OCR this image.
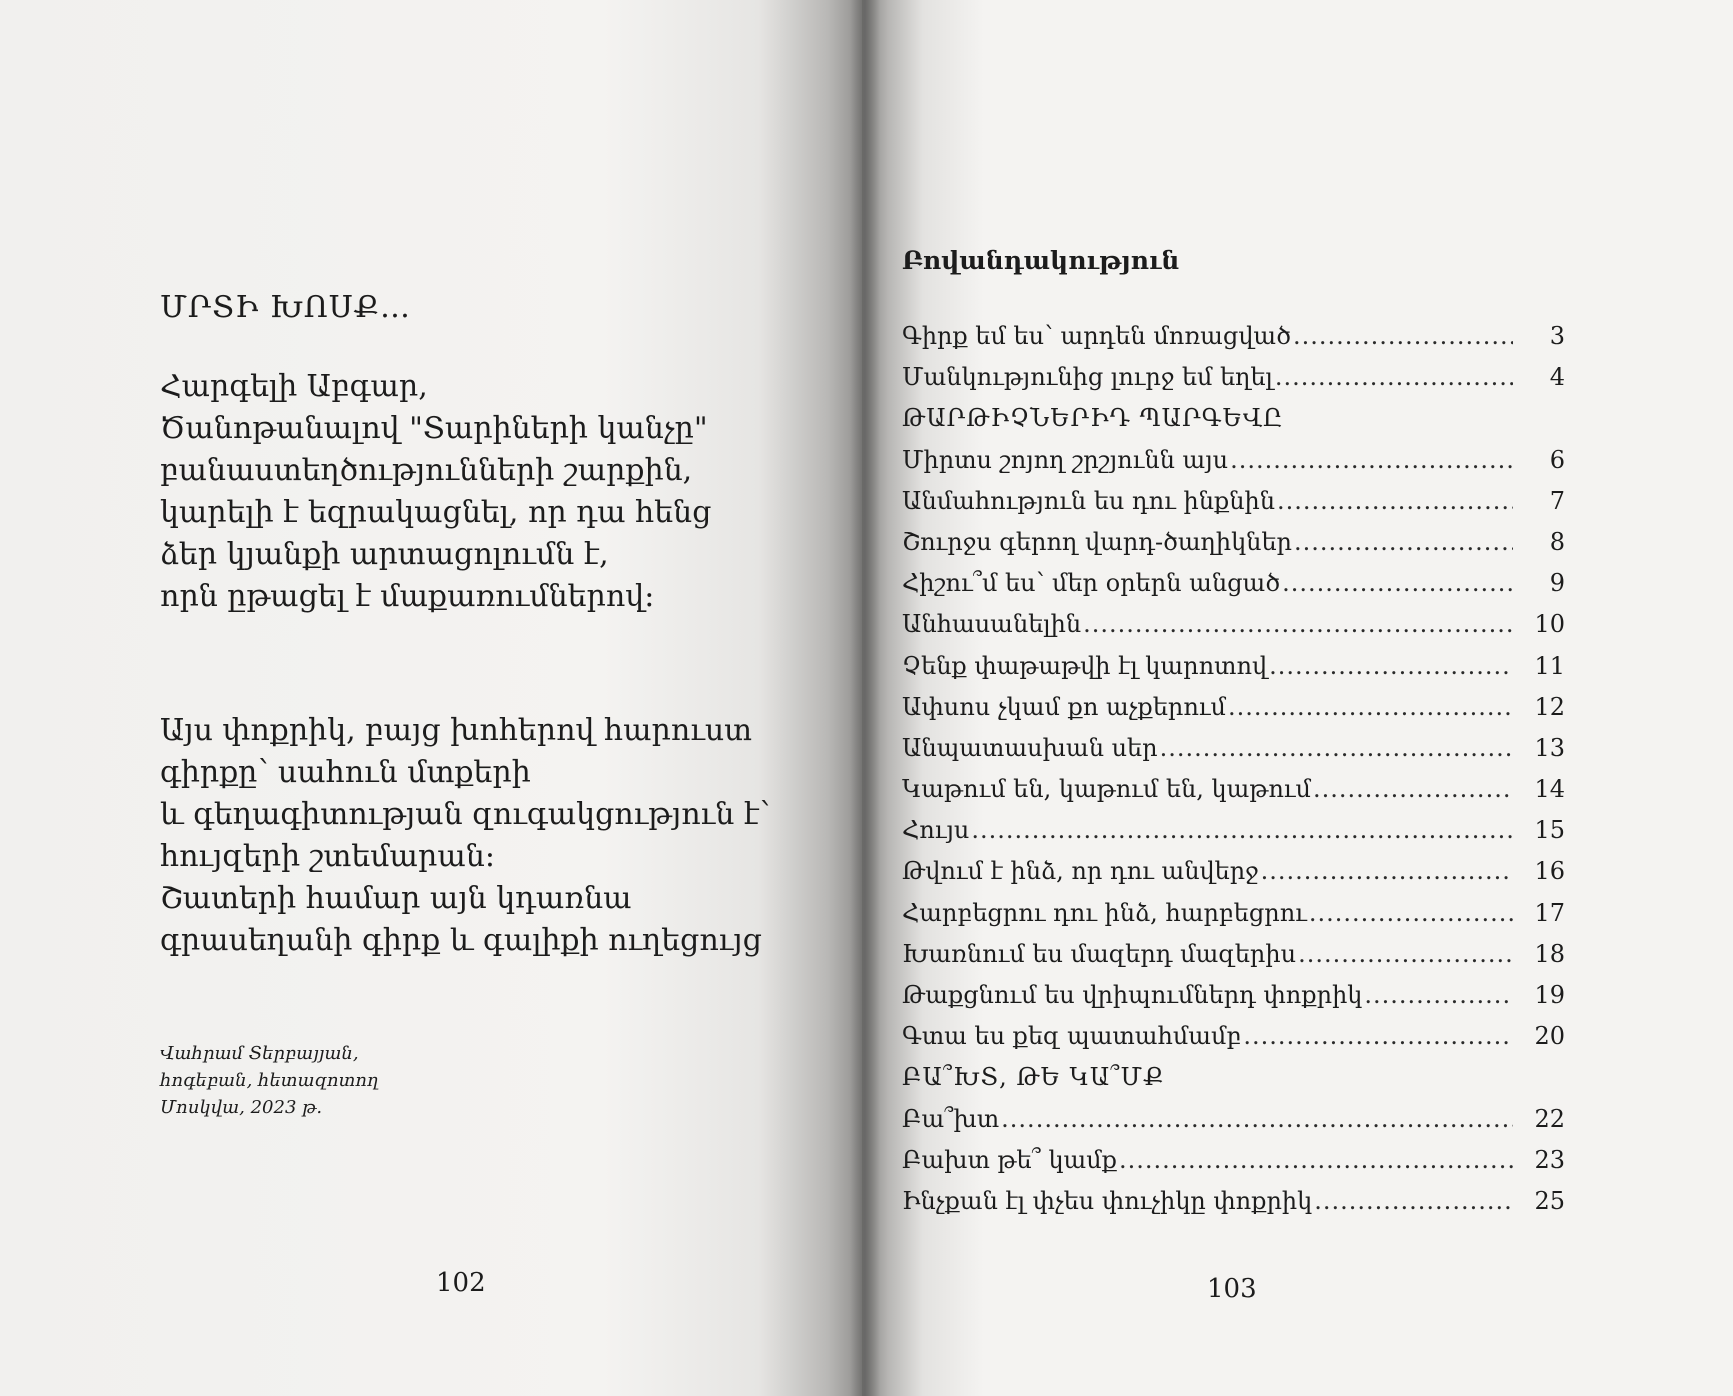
ՄՐՏԻ ԽՈՍՔ…

Հարգելի Աբգար,
Ծանոթանալով "Տարիների կանչը"
բանաստեղծությունների շարքին,
կարելի է եզրակացնել, որ դա հենց
ձեր կյանքի արտացոլումն է,
որն ըթացել է մաքառումներով:

Այս փոքրիկ, բայց խոհերով հարուստ
գիրքը՝ սահուն մտքերի
և գեղագիտության զուգակցություն է՝
հույզերի շտեմարան:
Շատերի համար այն կդառնա
գրասեղանի գիրք և գալիքի ուղեցույց

Վահրամ Տերբայյան,
հոգեբան, հետազոտող
Մոսկվա, 2023 թ.
102
Բովանդակություն
Գիրք եմ ես՝ արդեն մոռացված .....	3
Մանկությունից լուրջ եմ եղել .....	4
ԹԱՐԹԻՉՆԵՐԻԴ ՊԱՐԳԵՎԸ
Միրտս շոյող շրշյունն այս .....	6
Անմահություն ես դու ինքնին .....	7
Շուրջս գերող վարդ-ծաղիկներ .....	8
Հիշու՞մ ես՝ մեր օրերն անցած .....	9
Անհասանելին .....	10
Չենք փաթաթվի էլ կարոտով .....	11
Ափսոս չկամ քո աչքերում .....	12
Անպատասխան սեր .....	13
Կաթում են, կաթում են, կաթում .....	14
Հույս .....	15
Թվում է ինձ, որ դու անվերջ .....	16
Հարբեցրու դու ինձ, հարբեցրու .....	17
Խառնում ես մազերդ մազերիս .....	18
Թաքցնում ես վրիպումներդ փոքրիկ .....	19
Գտա ես քեզ պատահմամբ .....	20
ԲԱ՞ԽՏ, ԹԵ ԿԱ՞ՄՔ
Բա՞խտ .....	22
Բախտ թե՞ կամք .....	23
Ինչքան էլ փչես փուչիկը փոքրիկ .....	25
103
